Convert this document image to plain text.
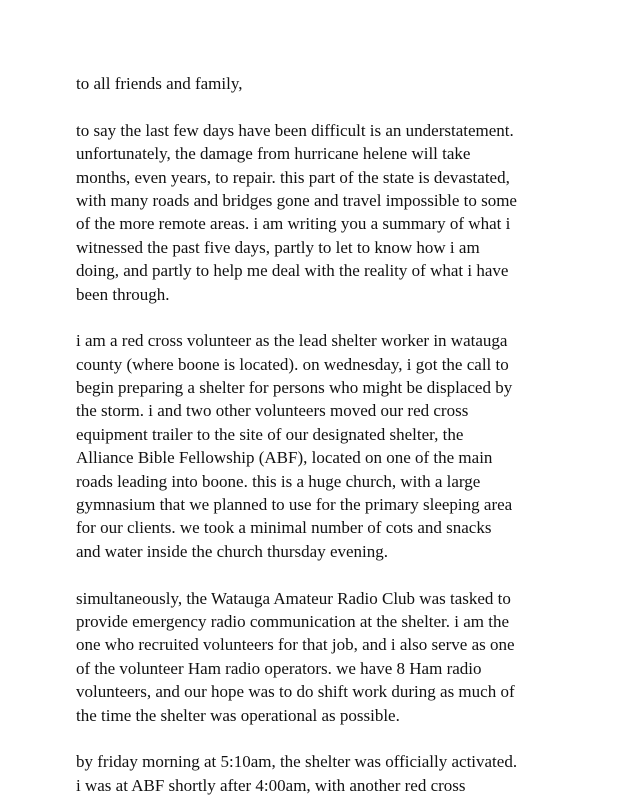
to all friends and family,
to say the last few days have been difficult is an understatement.
unfortunately, the damage from hurricane helene will take
months, even years, to repair. this part of the state is devastated,
with many roads and bridges gone and travel impossible to some
of the more remote areas. i am writing you a summary of what i
witnessed the past five days, partly to let to know how i am
doing, and partly to help me deal with the reality of what i have
been through.
i am a red cross volunteer as the lead shelter worker in watauga
county (where boone is located). on wednesday, i got the call to
begin preparing a shelter for persons who might be displaced by
the storm. i and two other volunteers moved our red cross
equipment trailer to the site of our designated shelter, the
Alliance Bible Fellowship (ABF), located on one of the main
roads leading into boone. this is a huge church, with a large
gymnasium that we planned to use for the primary sleeping area
for our clients. we took a minimal number of cots and snacks
and water inside the church thursday evening.
simultaneously, the Watauga Amateur Radio Club was tasked to
provide emergency radio communication at the shelter. i am the
one who recruited volunteers for that job, and i also serve as one
of the volunteer Ham radio operators. we have 8 Ham radio
volunteers, and our hope was to do shift work during as much of
the time the shelter was operational as possible.
by friday morning at 5:10am, the shelter was officially activated.
i was at ABF shortly after 4:00am, with another red cross
